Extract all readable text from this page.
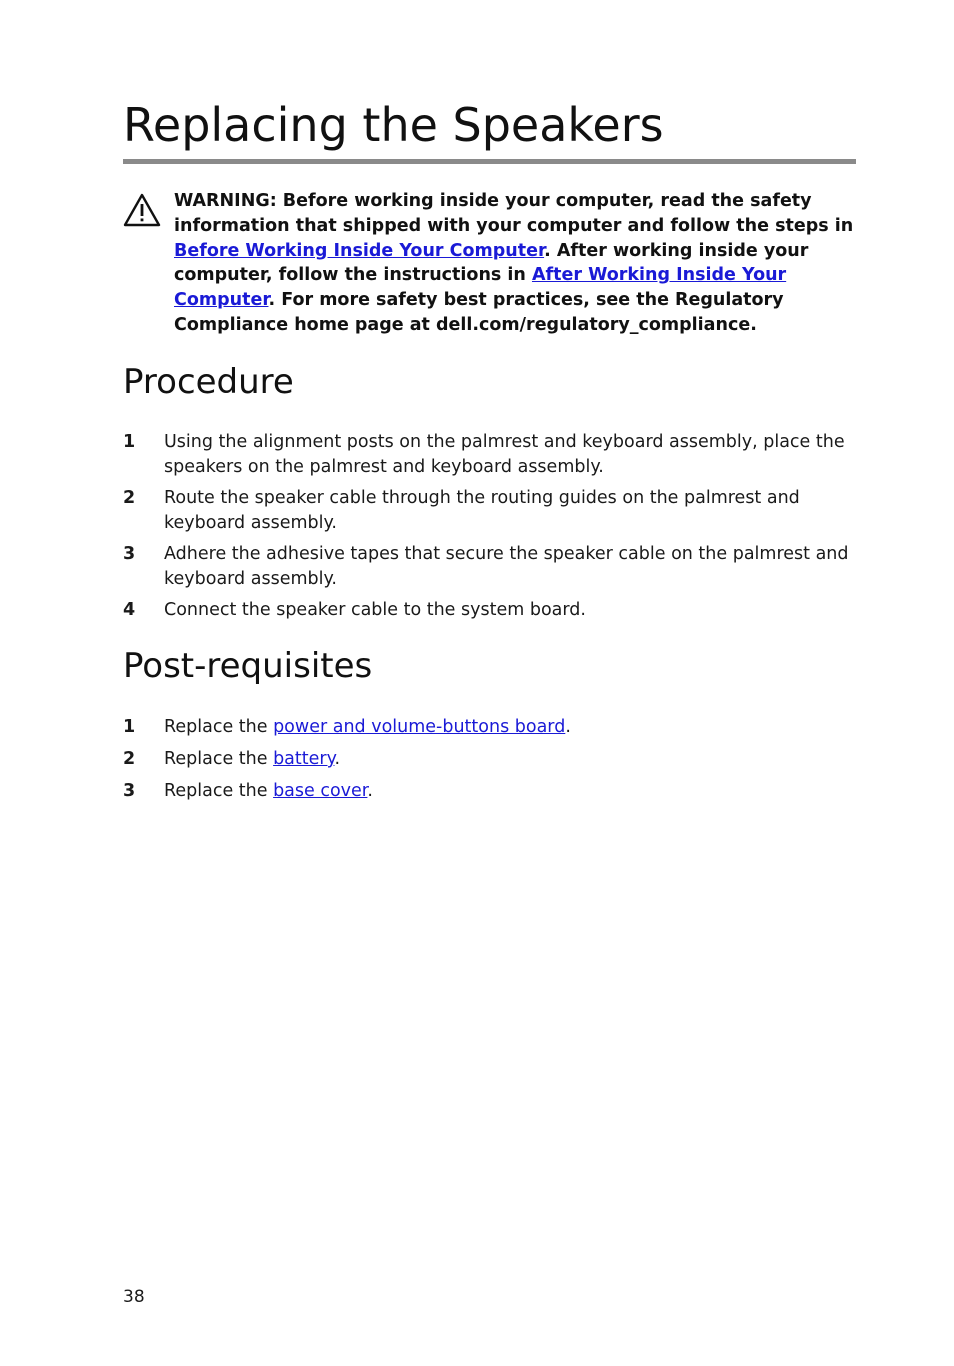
Replacing the Speakers
WARNING: Before working inside your computer, read the safety information that shipped with your computer and follow the steps in Before Working Inside Your Computer. After working inside your computer, follow the instructions in After Working Inside Your Computer. For more safety best practices, see the Regulatory Compliance home page at dell.com/regulatory_compliance.
Procedure
1 Using the alignment posts on the palmrest and keyboard assembly, place the speakers on the palmrest and keyboard assembly.
2 Route the speaker cable through the routing guides on the palmrest and keyboard assembly.
3 Adhere the adhesive tapes that secure the speaker cable on the palmrest and keyboard assembly.
4 Connect the speaker cable to the system board.
Post-requisites
1 Replace the power and volume-buttons board.
2 Replace the battery.
3 Replace the base cover.
38
